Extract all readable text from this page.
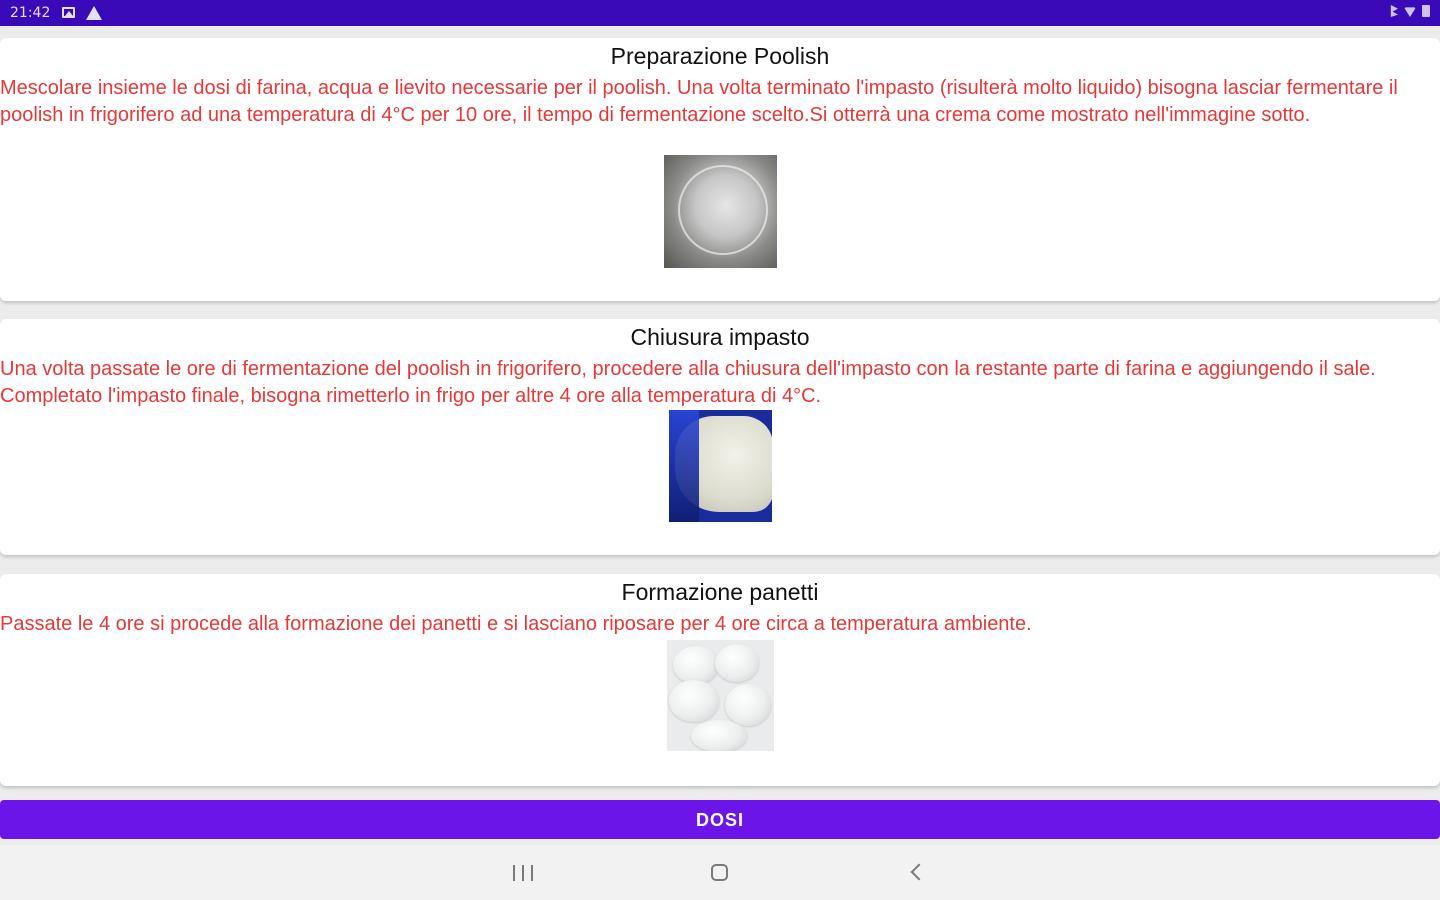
21:42
Preparazione Poolish
Mescolare insieme le dosi di farina, acqua e lievito necessarie per il poolish. Una volta terminato l'impasto (risulterà molto liquido) bisogna lasciar fermentare il poolish in frigorifero ad una temperatura di 4°C per 10 ore, il tempo di fermentazione scelto.Si otterrà una crema come mostrato nell'immagine sotto.
Chiusura impasto
Una volta passate le ore di fermentazione del poolish in frigorifero, procedere alla chiusura dell'impasto con la restante parte di farina e aggiungendo il sale. Completato l'impasto finale, bisogna rimetterlo in frigo per altre 4 ore alla temperatura di 4°C.
Formazione panetti
Passate le 4 ore si procede alla formazione dei panetti e si lasciano riposare per 4 ore circa a temperatura ambiente.
DOSI
